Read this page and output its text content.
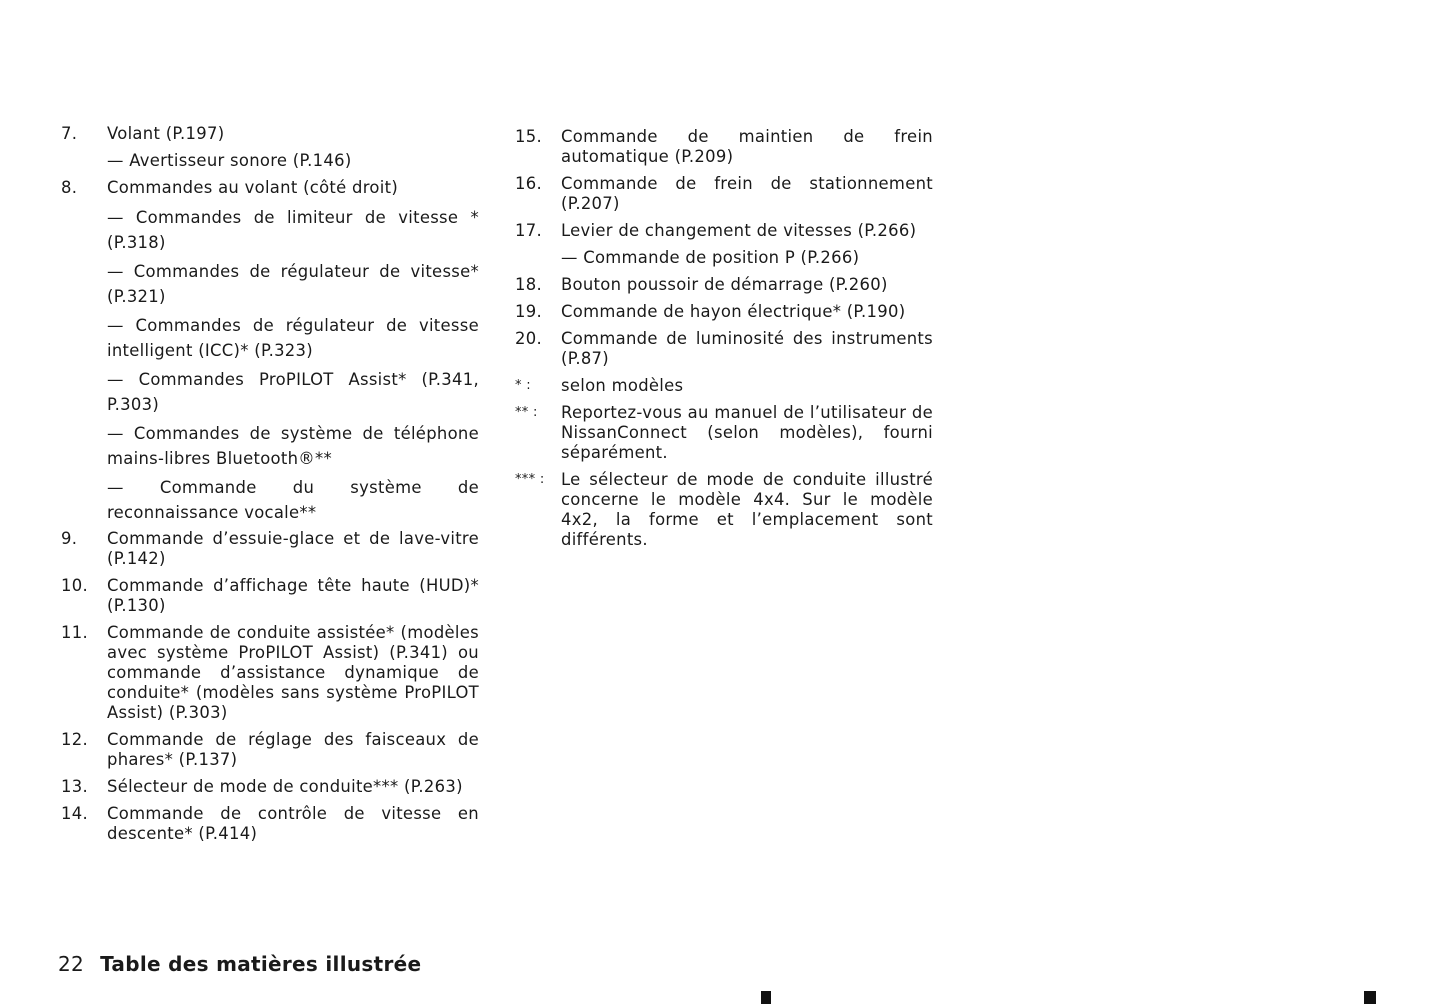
7. Volant (P.197)
— Avertisseur sonore (P.146)
8. Commandes au volant (côté droit)
— Commandes de limiteur de vitesse * (P.318)
— Commandes de régulateur de vitesse* (P.321)
— Commandes de régulateur de vitesse intelligent (ICC)* (P.323)
— Commandes ProPILOT Assist* (P.341, P.303)
— Commandes de système de téléphone mains-libres Bluetooth®**
— Commande du système de reconnaissance vocale**
9. Commande d’essuie-glace et de lave-vitre (P.142)
10. Commande d’affichage tête haute (HUD)* (P.130)
11. Commande de conduite assistée* (modèles avec système ProPILOT Assist) (P.341) ou commande d’assistance dynamique de conduite* (modèles sans système ProPILOT Assist) (P.303)
12. Commande de réglage des faisceaux de phares* (P.137)
13. Sélecteur de mode de conduite*** (P.263)
14. Commande de contrôle de vitesse en descente* (P.414)
15. Commande de maintien de frein automatique (P.209)
16. Commande de frein de stationnement (P.207)
17. Levier de changement de vitesses (P.266)
— Commande de position P (P.266)
18. Bouton poussoir de démarrage (P.260)
19. Commande de hayon électrique* (P.190)
20. Commande de luminosité des instruments (P.87)
* : selon modèles
** : Reportez-vous au manuel de l’utilisateur de NissanConnect (selon modèles), fourni séparément.
*** : Le sélecteur de mode de conduite illustré concerne le modèle 4x4. Sur le modèle 4x2, la forme et l’emplacement sont différents.
22 Table des matières illustrée
